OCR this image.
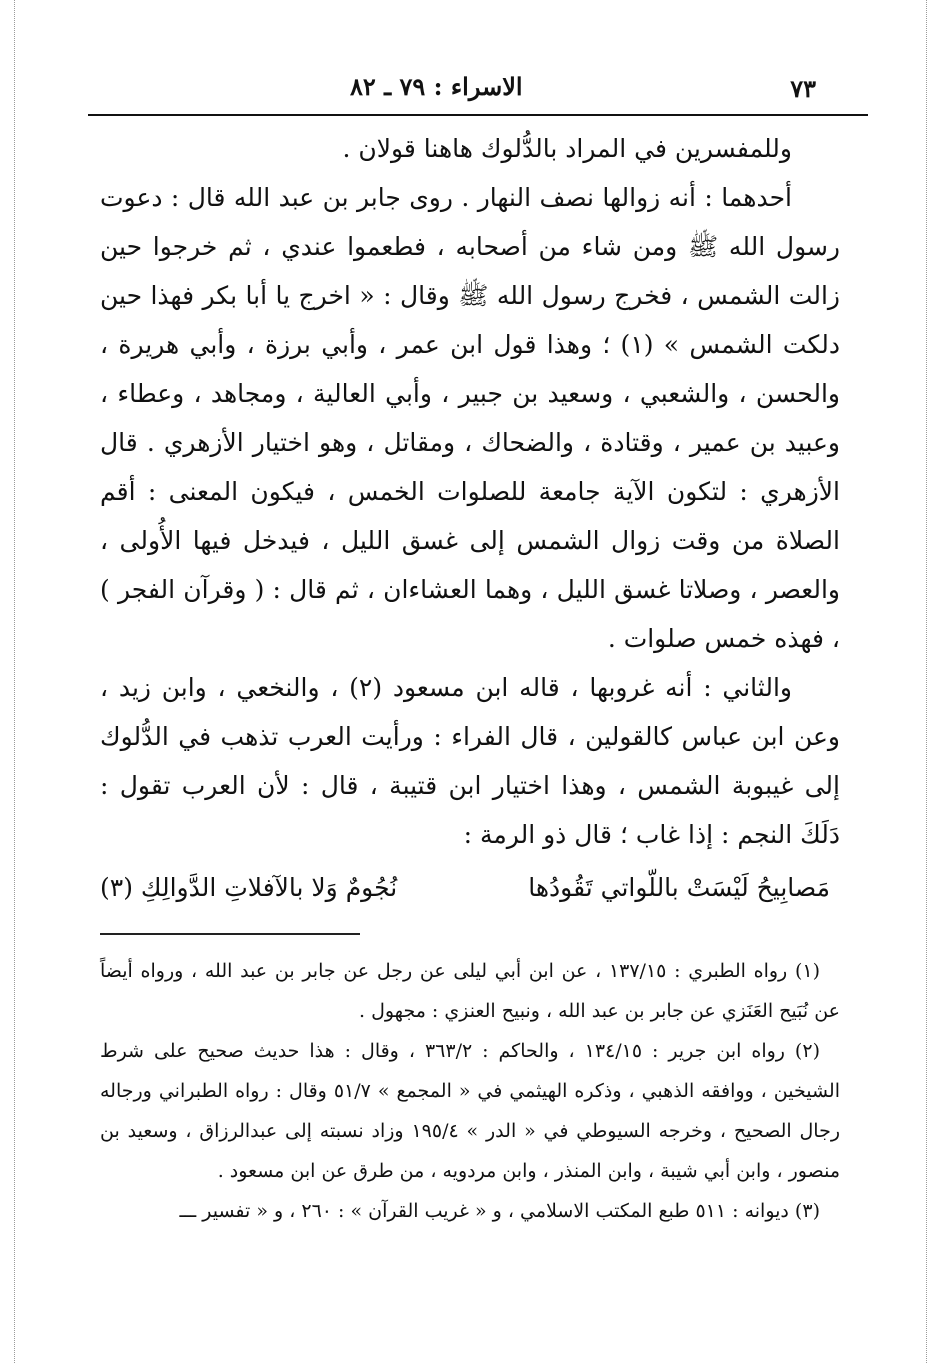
٧٣
الاسراء : ٧٩ ـ ٨٢

وللمفسرين في المراد بالدُّلوك هاهنا قولان .

أحدهما : أنه زوالها نصف النهار . روى جابر بن عبد الله قال : دعوت رسول الله ﷺ ومن شاء من أصحابه ، فطعموا عندي ، ثم خرجوا حين زالت الشمس ، فخرج رسول الله ﷺ وقال : « اخرج يا أبا بكر فهذا حين دلكت الشمس » (١) ؛ وهذا قول ابن عمر ، وأبي برزة ، وأبي هريرة ، والحسن ، والشعبي ، وسعيد بن جبير ، وأبي العالية ، ومجاهد ، وعطاء ، وعبيد بن عمير ، وقتادة ، والضحاك ، ومقاتل ، وهو اختيار الأزهري . قال الأزهري : لتكون الآية جامعة للصلوات الخمس ، فيكون المعنى : أقم الصلاة من وقت زوال الشمس إلى غسق الليل ، فيدخل فيها الأُولى ، والعصر ، وصلاتا غسق الليل ، وهما العشاءان ، ثم قال : ( وقرآن الفجر ) ، فهذه خمس صلوات .

والثاني : أنه غروبها ، قاله ابن مسعود (٢) ، والنخعي ، وابن زيد ، وعن ابن عباس كالقولين ، قال الفراء : ورأيت العرب تذهب في الدُّلوك إلى غيبوبة الشمس ، وهذا اختيار ابن قتيبة ، قال : لأن العرب تقول : دَلَكَ النجم : إذا غاب ؛ قال ذو الرمة :

مَصابِيحُ لَيْسَتْ باللّواتي تَقُودُها
نُجُومٌ وَلا بالآفلاتِ الدَّوالِكِ (٣)

(١) رواه الطبري : ١٣٧/١٥ ، عن ابن أبي ليلى عن رجل عن جابر بن عبد الله ، ورواه أيضاً عن نُبَيح العَنَزي عن جابر بن عبد الله ، ونبيح العنزي : مجهول .

(٢) رواه ابن جرير : ١٣٤/١٥ ، والحاكم : ٣٦٣/٢ ، وقال : هذا حديث صحيح على شرط الشيخين ، ووافقه الذهبي ، وذكره الهيثمي في « المجمع » ٥١/٧ وقال : رواه الطبراني ورجاله رجال الصحيح ، وخرجه السيوطي في « الدر » ١٩٥/٤ وزاد نسبته إلى عبدالرزاق ، وسعيد بن منصور ، وابن أبي شيبة ، وابن المنذر ، وابن مردويه ، من طرق عن ابن مسعود .

(٣) ديوانه : ٥١١ طبع المكتب الاسلامي ، و « غريب القرآن » : ٢٦٠ ، و « تفسير ـــ
